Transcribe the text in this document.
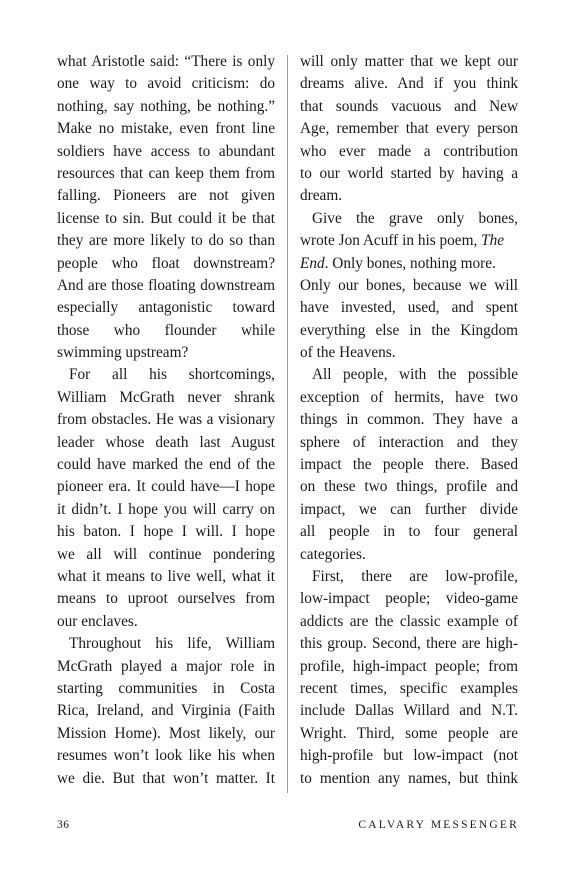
what Aristotle said: “There is only
one way to avoid criticism: do
nothing, say nothing, be nothing.”
Make no mistake, even front line
soldiers have access to abundant
resources that can keep them from
falling. Pioneers are not given
license to sin. But could it be that
they are more likely to do so than
people who float downstream?
And are those floating downstream
especially antagonistic toward
those who flounder while
swimming upstream?
For all his shortcomings,
William McGrath never shrank
from obstacles. He was a visionary
leader whose death last August
could have marked the end of the
pioneer era. It could have—I hope
it didn’t. I hope you will carry on
his baton. I hope I will. I hope
we all will continue pondering
what it means to live well, what it
means to uproot ourselves from
our enclaves.
Throughout his life, William
McGrath played a major role in
starting communities in Costa
Rica, Ireland, and Virginia (Faith
Mission Home). Most likely, our
resumes won’t look like his when
we die. But that won’t matter. It
will only matter that we kept our
dreams alive. And if you think
that sounds vacuous and New
Age, remember that every person
who ever made a contribution
to our world started by having a
dream.
Give the grave only bones,
wrote Jon Acuff in his poem, The
End. Only bones, nothing more.
Only our bones, because we will
have invested, used, and spent
everything else in the Kingdom
of the Heavens.
All people, with the possible
exception of hermits, have two
things in common. They have a
sphere of interaction and they
impact the people there. Based
on these two things, profile and
impact, we can further divide
all people in to four general
categories.
First, there are low-profile,
low-impact people; video-game
addicts are the classic example of
this group. Second, there are high-
profile, high-impact people; from
recent times, specific examples
include Dallas Willard and N.T.
Wright. Third, some people are
high-profile but low-impact (not
to mention any names, but think
36	CALVARY MESSENGER
